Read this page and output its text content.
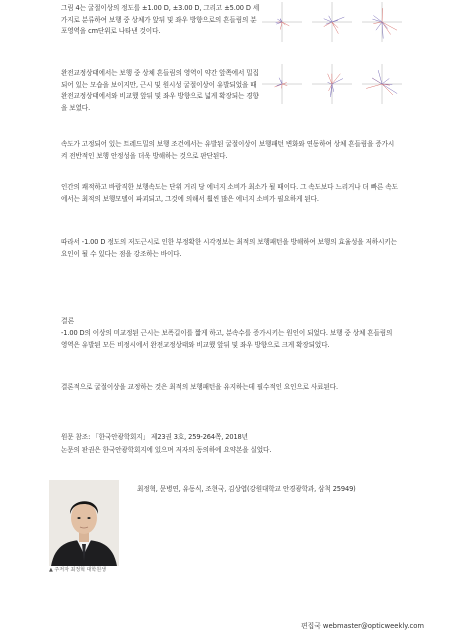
그림 4는 굴절이상의 정도를 ±1.00 D, ±3.00 D, 그리고 ±5.00 D 세 가지로 분류하여 보행 중 상체가 앞뒤 및 좌우 방향으로의 흔들림의 분포영역을 cm단위로 나타낸 것이다.

완전교정상태에서는 보행 중 상체 흔들림의 영역이 약간 앞쪽에서 밀집되어 있는 모습을 보이지만, 근시 및 원시성 굴절이상이 유발되었을 때 완전교정상태에서와 비교했 앞뒤 및 좌우 방향으로 넓게 확장되는 경향을 보였다.

속도가 고정되어 있는 트레드밀의 보행 조건에서는 유발된 굴절이상이 보행패턴 변화와 연동하여 상체 흔들림을 증가시켜 전반적인 보행 안정성을 더욱 방해하는 것으로 판단된다.

인간의 쾌적하고 바람직한 보행속도는 단위 거리 당 에너지 소비가 최소가 될 때이다. 그 속도보다 느리거나 더 빠른 속도에서는 최적의 보행모델이 파괴되고, 그것에 의해서 훨씬 많은 에너지 소비가 필요하게 된다.

따라서 -1.00 D 정도의 저도근시로 인한 부정확한 시각정보는 최적의 보행패턴을 방해하여 보행의 효율성을 저하시키는 요인이 될 수 있다는 점을 강조하는 바이다.

결론

-1.00 D의 이상의 미교정된 근시는 보폭길이를 짧게 하고, 분속수를 증가시키는 원인이 되었다. 보행 중 상체 흔들림의 영역은 유발된 모든 비정시에서 완전교정상태와 비교했 앞뒤 및 좌우 방향으로 크게 확장되었다.

결론적으로 굴절이상을 교정하는 것은 최적의 보행패턴을 유지하는데 필수적인 요인으로 사료된다.

원문 참조: 「한국안광학회지」 제23권 3호, 259-264쪽, 2018년

논문의 판권은 한국안광학회지에 있으며 저자의 동의하에 요약본을 실었다.

▲ 주저자 최정혁 대학원생
최정혁, 문병연, 유동식, 조현국, 김상엽(강원대학교 안경광학과, 삼척 25949)
편집국 webmaster@opticweekly.com
